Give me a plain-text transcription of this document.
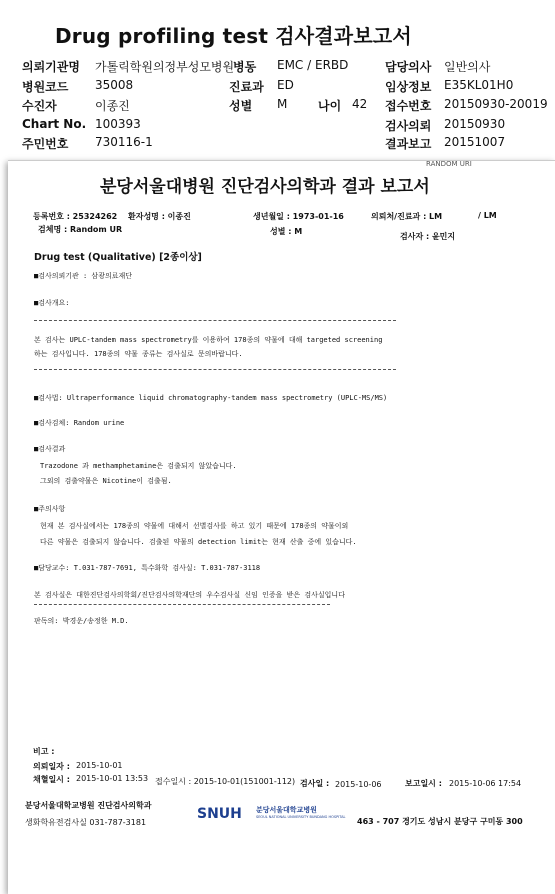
Drug profiling test 검사결과보고서
의뢰기관명 가톨릭학원의정부성모병원
병동 EMC / ERBD	담당의사 일반의사
병원코드 35008	진료과 ED	임상정보 E35KL01H0
수진자	이종진	성별 M	나이 42 접수번호 20150930-20019
Chart No. 100393	검사의뢰 20150930
주민번호 730116-1	결과보고 20151007
RANDOM URI
분당서울대병원 진단검사의학과 결과 보고서
등록번호 : 25324262 환자성명 : 이종진	생년월일 : 1973-01-16	의뢰처/진료과 : LM	/ LM
검체명 : Random UR	성별 : M
검사자 : 윤민지
Drug test (Qualitative) [2종이상]
■검사의뢰기관 : 삼광의료재단
■검사개요:
본 검사는 UPLC-tandem mass spectrometry를 이용하여 178종의 약물에 대해 targeted screening
하는 검사입니다. 178종의 약물 종류는 검사실로 문의바랍니다.
■검사법: Ultraperformance liquid chromatography-tandem mass spectrometry (UPLC-MS/MS)
■검사검체: Random urine
■검사결과
Trazodone 과 methamphetamine은 검출되지 않았습니다.
그외의 검출약물은 Nicotine이 검출됨.
■주의사항
현재 본 검사실에서는 178종의 약물에 대해서 선별검사를 하고 있기 때문에 178종의 약물이외
다른 약물은 검출되지 않습니다. 검출된 약물의 detection limit는 현재 산출 중에 있습니다.
■담당교수: T.031-787-7691, 특수화학 검사실: T.031-787-3118
본 검사실은 대한진단검사의학회/진단검사의학재단의 우수검사실 신임 인증을 받은 검사실입니다
판독의: 박경운/송정한 M.D.
비고 :
의뢰일자 : 2015-10-01
채혈일시 : 2015-10-01 13:53 접수일시 : 2015-10-01(151001-112) 검사일 : 2015-10-06	보고일시 : 2015-10-06 17:54
분당서울대학교병원 진단검사의학과
생화학유전검사실 031-787-3181
SNUH 분당서울대학교병원
SEOUL NATIONAL UNIVERSITY BUNDANG HOSPITAL 463 - 707 경기도 성남시 분당구 구미동 300
